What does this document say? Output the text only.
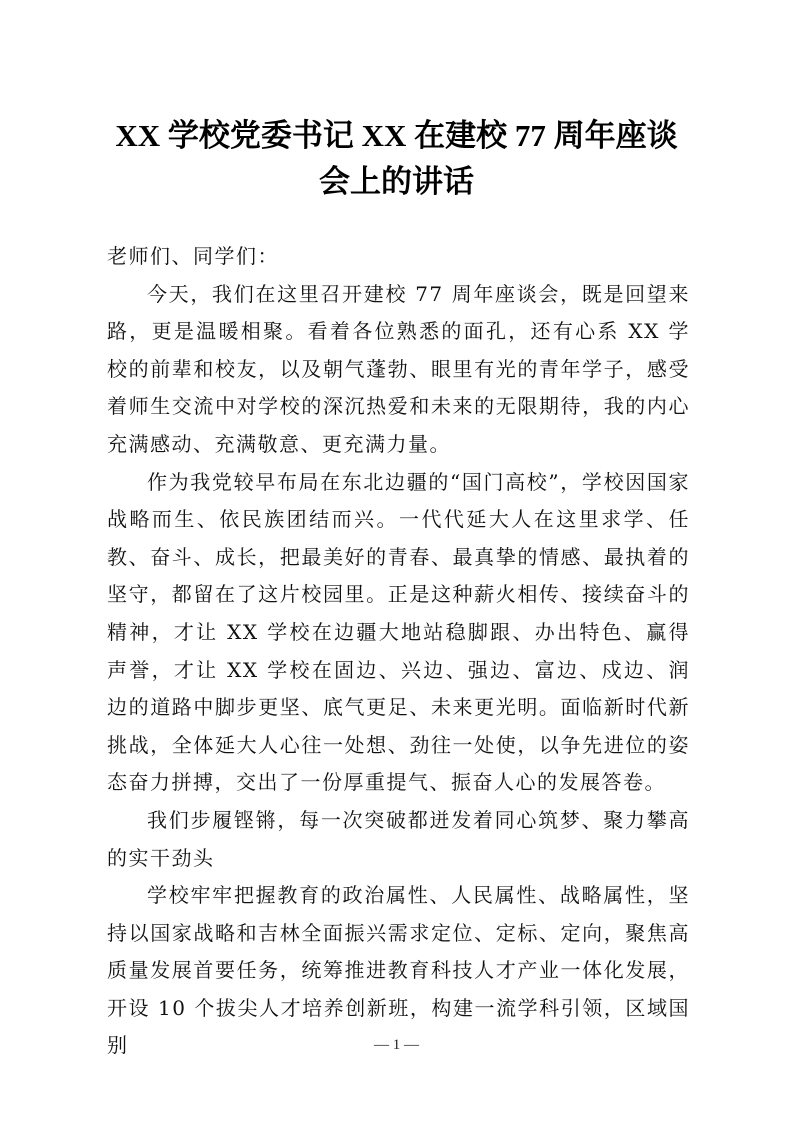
XX 学校党委书记 XX 在建校 77 周年座谈会上的讲话

老师们、同学们：

今天，我们在这里召开建校 77 周年座谈会，既是回望来路，更是温暖相聚。看着各位熟悉的面孔，还有心系 XX 学校的前辈和校友，以及朝气蓬勃、眼里有光的青年学子，感受着师生交流中对学校的深沉热爱和未来的无限期待，我的内心充满感动、充满敬意、更充满力量。

作为我党较早布局在东北边疆的“国门高校”，学校因国家战略而生、依民族团结而兴。一代代延大人在这里求学、任教、奋斗、成长，把最美好的青春、最真挚的情感、最执着的坚守，都留在了这片校园里。正是这种薪火相传、接续奋斗的精神，才让 XX 学校在边疆大地站稳脚跟、办出特色、赢得声誉，才让 XX 学校在固边、兴边、强边、富边、戍边、润边的道路中脚步更坚、底气更足、未来更光明。面临新时代新挑战，全体延大人心往一处想、劲往一处使，以争先进位的姿态奋力拼搏，交出了一份厚重提气、振奋人心的发展答卷。

我们步履铿锵，每一次突破都迸发着同心筑梦、聚力攀高的实干劲头

学校牢牢把握教育的政治属性、人民属性、战略属性，坚持以国家战略和吉林全面振兴需求定位、定标、定向，聚焦高质量发展首要任务，统筹推进教育科技人才产业一体化发展，开设 10 个拔尖人才培养创新班，构建一流学科引领，区域国别	— 1 —
